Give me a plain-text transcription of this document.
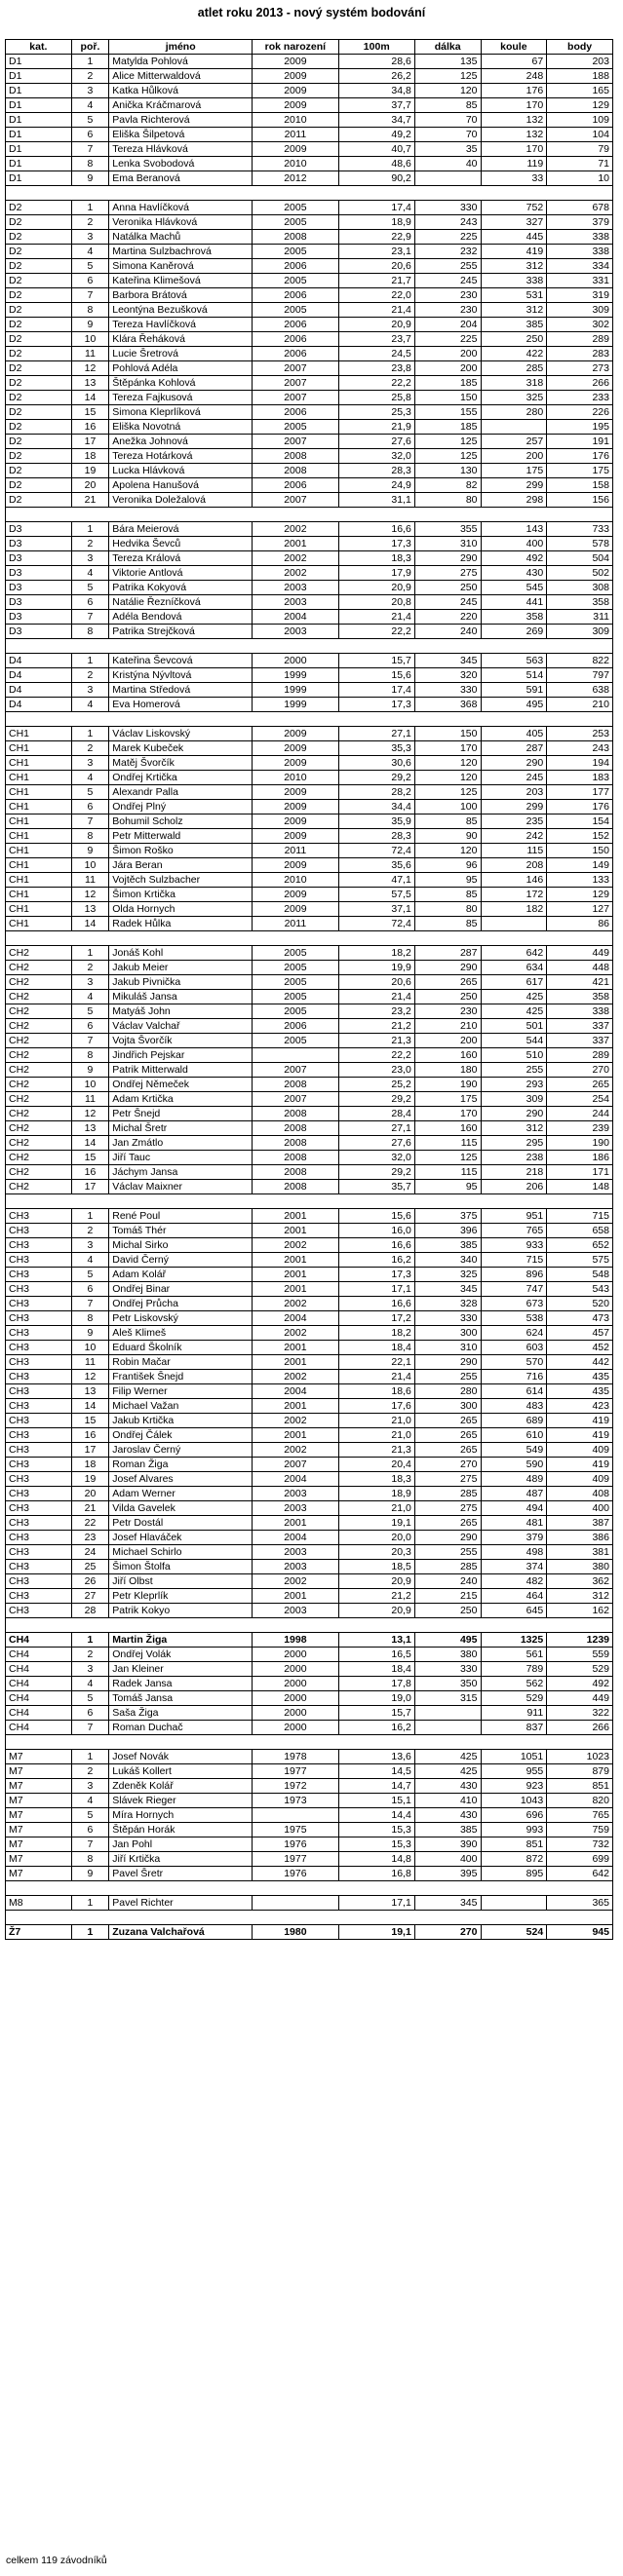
atlet roku 2013 - nový systém bodování
kat.	poř.	jméno	rok narození	100m	dálka	koule	body
D1	1	Matylda Pohlová	2009	28,6	135	67	203
D1	2	Alice Mitterwaldová	2009	26,2	125	248	188
D1	3	Katka Hůlková	2009	34,8	120	176	165
D1	4	Anička Kráčmarová	2009	37,7	85	170	129
D1	5	Pavla Richterová	2010	34,7	70	132	109
D1	6	Eliška Šilpetová	2011	49,2	70	132	104
D1	7	Tereza Hlávková	2009	40,7	35	170	79
D1	8	Lenka Svobodová	2010	48,6	40	119	71
D1	9	Ema Beranová	2012	90,2		33	10

D2	1	Anna Havlíčková	2005	17,4	330	752	678
D2	2	Veronika Hlávková	2005	18,9	243	327	379
D2	3	Natálka Machů	2008	22,9	225	445	338
D2	4	Martina Sulzbachrová	2005	23,1	232	419	338
D2	5	Simona Kaněrová	2006	20,6	255	312	334
D2	6	Kateřina Klimešová	2005	21,7	245	338	331
D2	7	Barbora Brátová	2006	22,0	230	531	319
D2	8	Leontýna Bezušková	2005	21,4	230	312	309
D2	9	Tereza Havlíčková	2006	20,9	204	385	302
D2	10	Klára Řeháková	2006	23,7	225	250	289
D2	11	Lucie Šretrová	2006	24,5	200	422	283
D2	12	Pohlová Adéla	2007	23,8	200	285	273
D2	13	Štěpánka Kohlová	2007	22,2	185	318	266
D2	14	Tereza Fajkusová	2007	25,8	150	325	233
D2	15	Simona Kleprlíková	2006	25,3	155	280	226
D2	16	Eliška Novotná	2005	21,9	185		195
D2	17	Anežka Johnová	2007	27,6	125	257	191
D2	18	Tereza Hotárková	2008	32,0	125	200	176
D2	19	Lucka Hlávková	2008	28,3	130	175	175
D2	20	Apolena Hanušová	2006	24,9	82	299	158
D2	21	Veronika Doležalová	2007	31,1	80	298	156

D3	1	Bára Meierová	2002	16,6	355	143	733
D3	2	Hedvika Ševců	2001	17,3	310	400	578
D3	3	Tereza Králová	2002	18,3	290	492	504
D3	4	Viktorie Antlová	2002	17,9	275	430	502
D3	5	Patrika Kokyová	2003	20,9	250	545	308
D3	6	Natálie Řezníčková	2003	20,8	245	441	358
D3	7	Adéla Bendová	2004	21,4	220	358	311
D3	8	Patrika Strejčková	2003	22,2	240	269	309

D4	1	Kateřina Ševcová	2000	15,7	345	563	822
D4	2	Kristýna Nývltová	1999	15,6	320	514	797
D4	3	Martina Středová	1999	17,4	330	591	638
D4	4	Eva Homerová	1999	17,3	368	495	210

CH1	1	Václav Liskovský	2009	27,1	150	405	253
CH1	2	Marek Kubeček	2009	35,3	170	287	243
CH1	3	Matěj Švorčík	2009	30,6	120	290	194
CH1	4	Ondřej Krtička	2010	29,2	120	245	183
CH1	5	Alexandr Palla	2009	28,2	125	203	177
CH1	6	Ondřej Plný	2009	34,4	100	299	176
CH1	7	Bohumil Scholz	2009	35,9	85	235	154
CH1	8	Petr Mitterwald	2009	28,3	90	242	152
CH1	9	Šimon Roško	2011	72,4	120	115	150
CH1	10	Jára Beran	2009	35,6	96	208	149
CH1	11	Vojtěch Sulzbacher	2010	47,1	95	146	133
CH1	12	Šimon Krtička	2009	57,5	85	172	129
CH1	13	Olda Hornych	2009	37,1	80	182	127
CH1	14	Radek Hůlka	2011	72,4	85		86

CH2	1	Jonáš Kohl	2005	18,2	287	642	449
CH2	2	Jakub Meier	2005	19,9	290	634	448
CH2	3	Jakub Pivnička	2005	20,6	265	617	421
CH2	4	Mikuláš Jansa	2005	21,4	250	425	358
CH2	5	Matyáš John	2005	23,2	230	425	338
CH2	6	Václav Valchař	2006	21,2	210	501	337
CH2	7	Vojta Švorčík	2005	21,3	200	544	337
CH2	8	Jindřich Pejskar		22,2	160	510	289
CH2	9	Patrik Mitterwald	2007	23,0	180	255	270
CH2	10	Ondřej Němeček	2008	25,2	190	293	265
CH2	11	Adam Krtička	2007	29,2	175	309	254
CH2	12	Petr Šnejd	2008	28,4	170	290	244
CH2	13	Michal Šretr	2008	27,1	160	312	239
CH2	14	Jan Zmátlo	2008	27,6	115	295	190
CH2	15	Jiří Tauc	2008	32,0	125	238	186
CH2	16	Jáchym Jansa	2008	29,2	115	218	171
CH2	17	Václav Maixner	2008	35,7	95	206	148

CH3	1	René Poul	2001	15,6	375	951	715
CH3	2	Tomáš Thér	2001	16,0	396	765	658
CH3	3	Michal Sirko	2002	16,6	385	933	652
CH3	4	David Černý	2001	16,2	340	715	575
CH3	5	Adam Kolář	2001	17,3	325	896	548
CH3	6	Ondřej Binar	2001	17,1	345	747	543
CH3	7	Ondřej Průcha	2002	16,6	328	673	520
CH3	8	Petr Liskovský	2004	17,2	330	538	473
CH3	9	Aleš Klimeš	2002	18,2	300	624	457
CH3	10	Eduard Školník	2001	18,4	310	603	452
CH3	11	Robin Mačar	2001	22,1	290	570	442
CH3	12	František Šnejd	2002	21,4	255	716	435
CH3	13	Filip Werner	2004	18,6	280	614	435
CH3	14	Michael Važan	2001	17,6	300	483	423
CH3	15	Jakub Krtička	2002	21,0	265	689	419
CH3	16	Ondřej Čálek	2001	21,0	265	610	419
CH3	17	Jaroslav Černý	2002	21,3	265	549	409
CH3	18	Roman Žiga	2007	20,4	270	590	419
CH3	19	Josef Alvares	2004	18,3	275	489	409
CH3	20	Adam Werner	2003	18,9	285	487	408
CH3	21	Vilda Gavelek	2003	21,0	275	494	400
CH3	22	Petr Dostál	2001	19,1	265	481	387
CH3	23	Josef Hlaváček	2004	20,0	290	379	386
CH3	24	Michael Schirlo	2003	20,3	255	498	381
CH3	25	Šimon Štolfa	2003	18,5	285	374	380
CH3	26	Jiří Olbst	2002	20,9	240	482	362
CH3	27	Petr Kleprlík	2001	21,2	215	464	312
CH3	28	Patrik Kokyo	2003	20,9	250	645	162

CH4	1	Martin Žiga	1998	13,1	495	1325	1239
CH4	2	Ondřej Volák	2000	16,5	380	561	559
CH4	3	Jan Kleiner	2000	18,4	330	789	529
CH4	4	Radek Jansa	2000	17,8	350	562	492
CH4	5	Tomáš Jansa	2000	19,0	315	529	449
CH4	6	Saša Žiga	2000	15,7		911	322
CH4	7	Roman Duchač	2000	16,2		837	266

M7	1	Josef Novák	1978	13,6	425	1051	1023
M7	2	Lukáš Kollert	1977	14,5	425	955	879
M7	3	Zdeněk Kolář	1972	14,7	430	923	851
M7	4	Slávek Rieger	1973	15,1	410	1043	820
M7	5	Míra Hornych		14,4	430	696	765
M7	6	Štěpán Horák	1975	15,3	385	993	759
M7	7	Jan Pohl	1976	15,3	390	851	732
M7	8	Jiří Krtička	1977	14,8	400	872	699
M7	9	Pavel Šretr	1976	16,8	395	895	642

M8	1	Pavel Richter		17,1	345		365

Ž7	1	Zuzana Valchařová	1980	19,1	270	524	945
celkem 119 závodníků
